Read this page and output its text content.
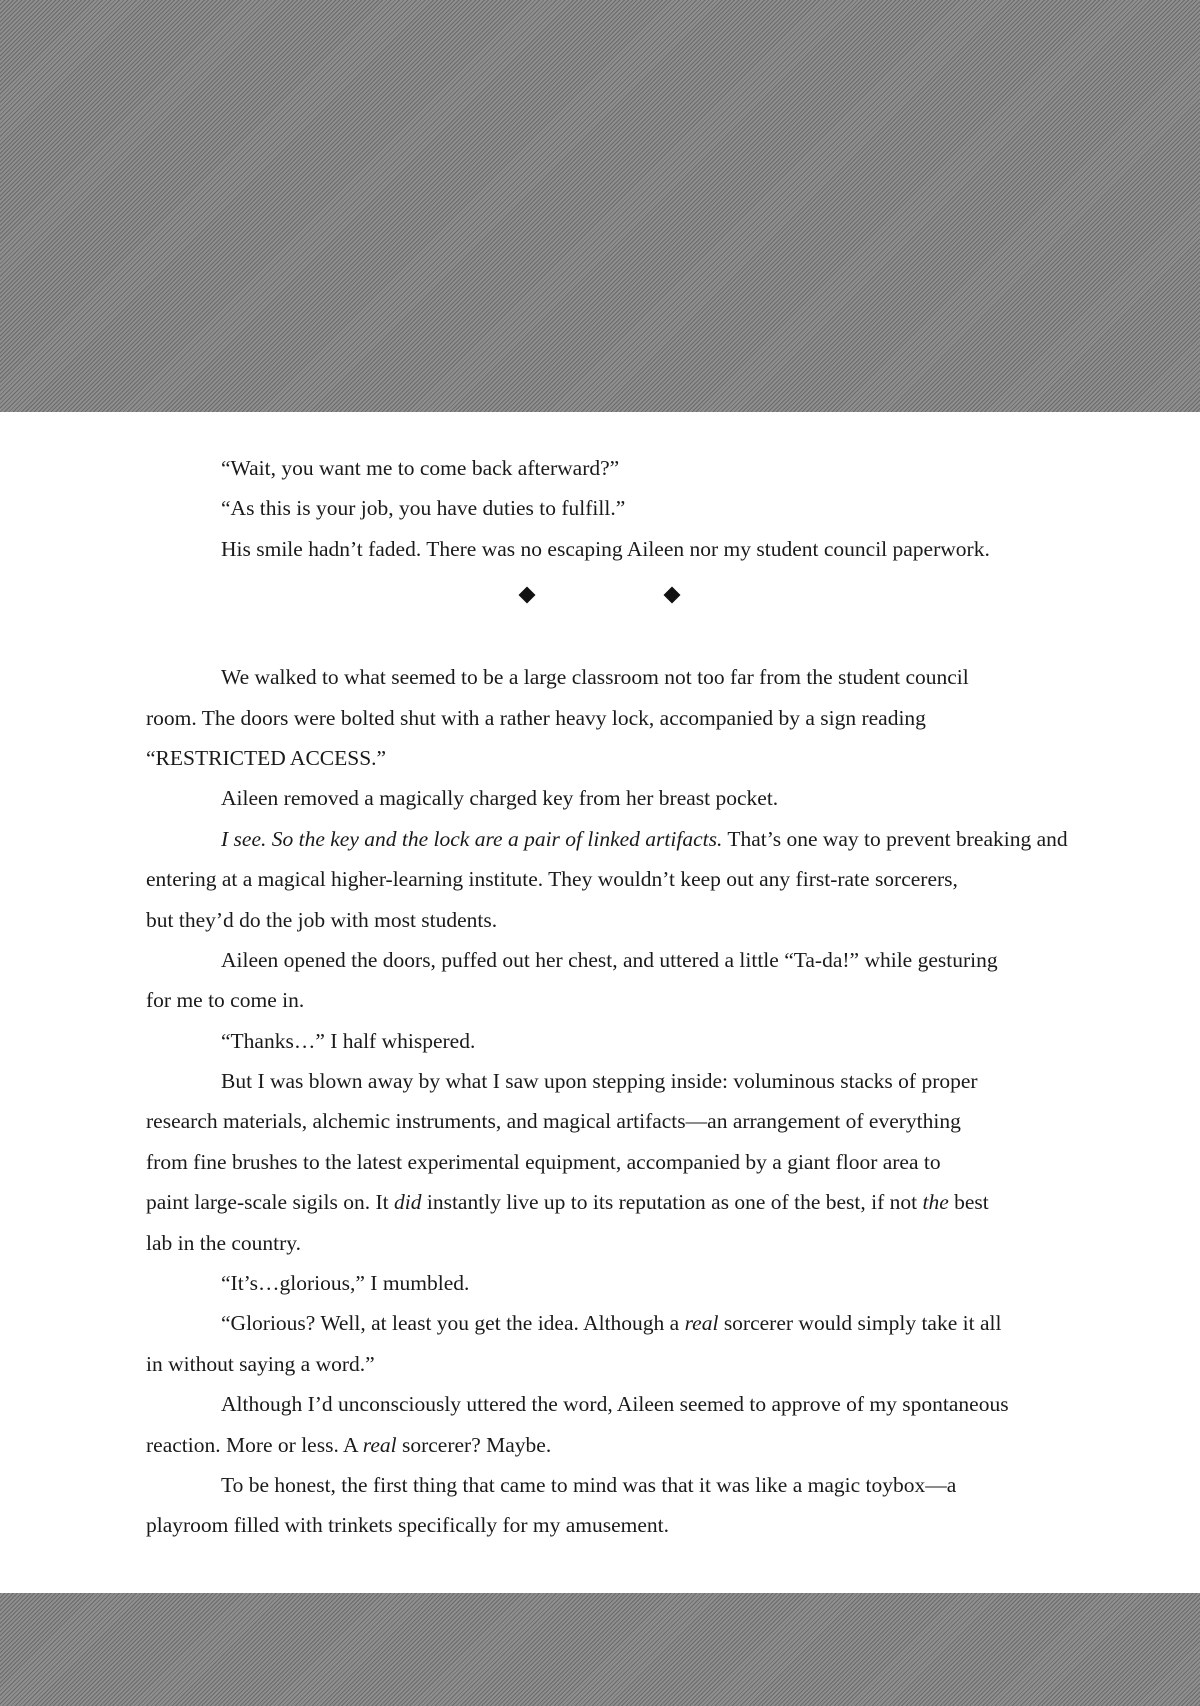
“Wait, you want me to come back afterward?”
“As this is your job, you have duties to fulfill.”
His smile hadn’t faded. There was no escaping Aileen nor my student council paperwork.
We walked to what seemed to be a large classroom not too far from the student council
room. The doors were bolted shut with a rather heavy lock, accompanied by a sign reading
“RESTRICTED ACCESS.”
Aileen removed a magically charged key from her breast pocket.
I see. So the key and the lock are a pair of linked artifacts. That’s one way to prevent breaking and
entering at a magical higher-learning institute. They wouldn’t keep out any first-rate sorcerers,
but they’d do the job with most students.
Aileen opened the doors, puffed out her chest, and uttered a little “Ta-da!” while gesturing
for me to come in.
“Thanks…” I half whispered.
But I was blown away by what I saw upon stepping inside: voluminous stacks of proper
research materials, alchemic instruments, and magical artifacts—an arrangement of everything
from fine brushes to the latest experimental equipment, accompanied by a giant floor area to
paint large-scale sigils on. It did instantly live up to its reputation as one of the best, if not the best
lab in the country.
“It’s…glorious,” I mumbled.
“Glorious? Well, at least you get the idea. Although a real sorcerer would simply take it all
in without saying a word.”
Although I’d unconsciously uttered the word, Aileen seemed to approve of my spontaneous
reaction. More or less. A real sorcerer? Maybe.
To be honest, the first thing that came to mind was that it was like a magic toybox—a
playroom filled with trinkets specifically for my amusement.
